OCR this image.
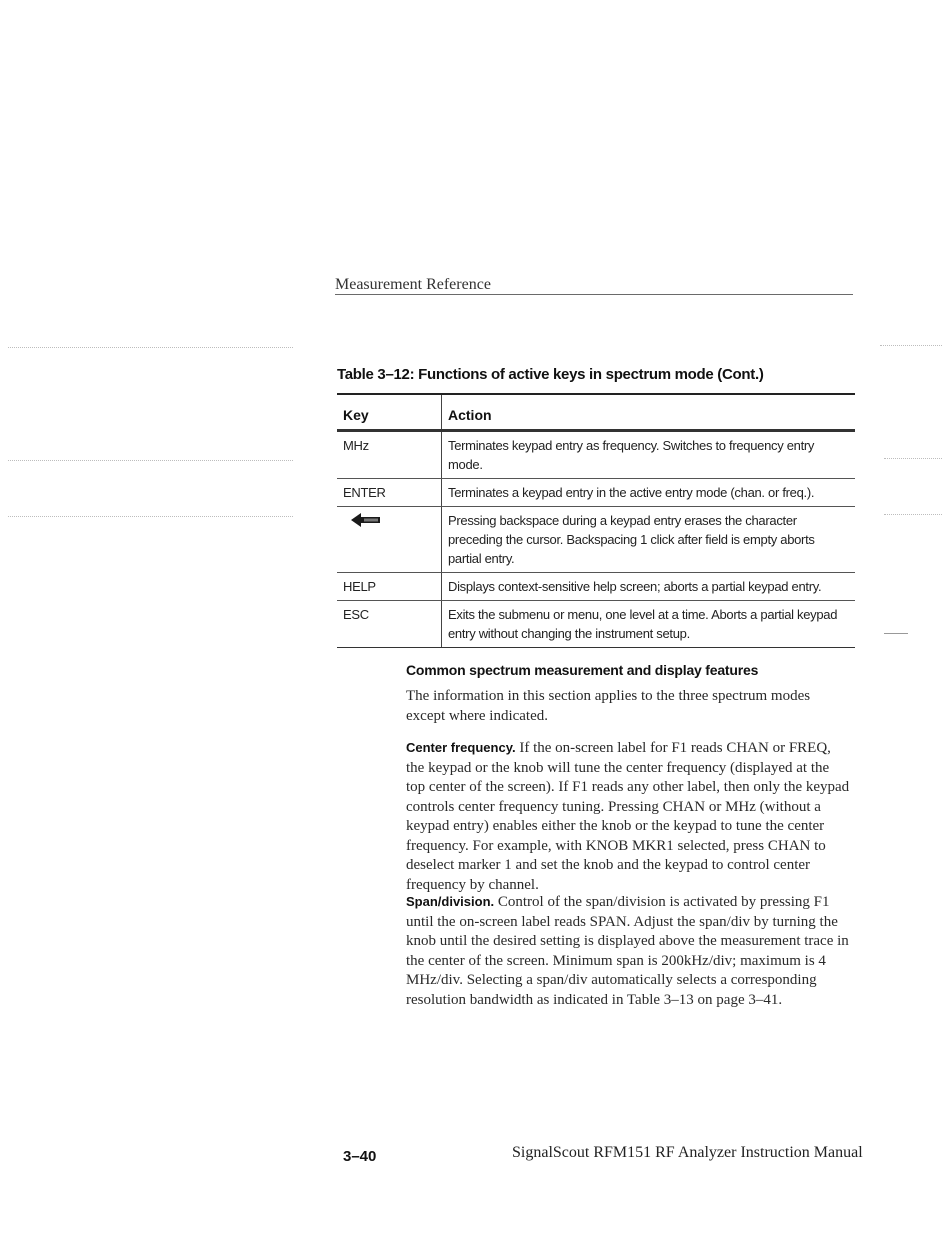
Measurement Reference
Table 3–12: Functions of active keys in spectrum mode (Cont.)
Key	Action
MHz	Terminates keypad entry as frequency. Switches to frequency entry mode.
ENTER	Terminates a keypad entry in the active entry mode (chan. or freq.).
	Pressing backspace during a keypad entry erases the character preceding the cursor. Backspacing 1 click after field is empty aborts partial entry.
HELP	Displays context-sensitive help screen; aborts a partial keypad entry.
ESC	Exits the submenu or menu, one level at a time. Aborts a partial keypad entry without changing the instrument setup.
Common spectrum measurement and display features
The information in this section applies to the three spectrum modes except where indicated.
Center frequency. If the on-screen label for F1 reads CHAN or FREQ, the keypad or the knob will tune the center frequency (displayed at the top center of the screen). If F1 reads any other label, then only the keypad controls center frequency tuning. Pressing CHAN or MHz (without a keypad entry) enables either the knob or the keypad to tune the center frequency. For example, with KNOB MKR1 selected, press CHAN to deselect marker 1 and set the knob and the keypad to control center frequency by channel.
Span/division. Control of the span/division is activated by pressing F1 until the on-screen label reads SPAN. Adjust the span/div by turning the knob until the desired setting is displayed above the measurement trace in the center of the screen. Minimum span is 200kHz/div; maximum is 4 MHz/div. Selecting a span/div automatically selects a corresponding resolution bandwidth as indicated in Table 3–13 on page 3–41.
3–40	SignalScout RFM151 RF Analyzer Instruction Manual
